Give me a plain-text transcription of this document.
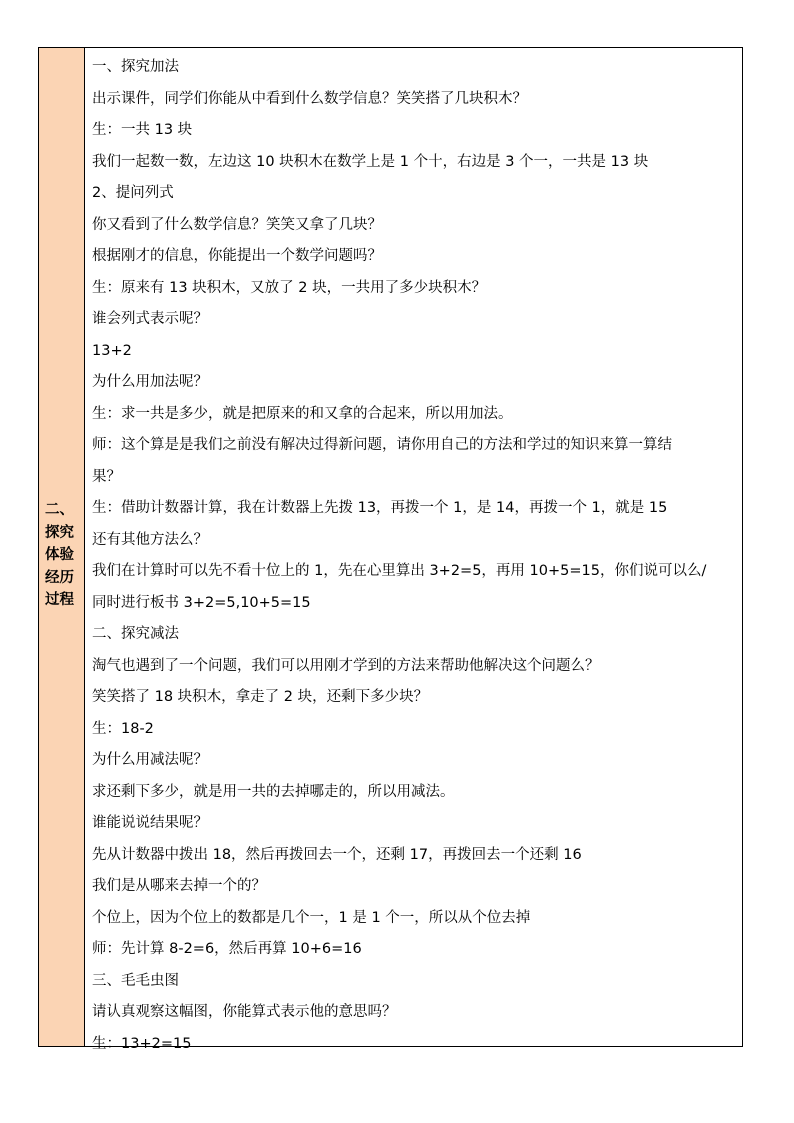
二、
探究
体验
经历
过程
一、探究加法
出示课件，同学们你能从中看到什么数学信息？笑笑搭了几块积木？
生：一共 13 块
我们一起数一数，左边这 10 块积木在数学上是 1 个十，右边是 3 个一，一共是 13 块
2、提问列式
你又看到了什么数学信息？笑笑又拿了几块？
根据刚才的信息，你能提出一个数学问题吗？
生：原来有 13 块积木，又放了 2 块，一共用了多少块积木？
谁会列式表示呢？
13+2
为什么用加法呢？
生：求一共是多少，就是把原来的和又拿的合起来，所以用加法。
师：这个算是是我们之前没有解决过得新问题，请你用自己的方法和学过的知识来算一算结
果？
生：借助计数器计算，我在计数器上先拨 13，再拨一个 1，是 14，再拨一个 1，就是 15
还有其他方法么？
我们在计算时可以先不看十位上的 1，先在心里算出 3+2=5，再用 10+5=15，你们说可以么/
同时进行板书 3+2=5,10+5=15
二、探究减法
淘气也遇到了一个问题，我们可以用刚才学到的方法来帮助他解决这个问题么？
笑笑搭了 18 块积木，拿走了 2 块，还剩下多少块？
生：18-2
为什么用减法呢？
求还剩下多少，就是用一共的去掉哪走的，所以用减法。
谁能说说结果呢？
先从计数器中拨出 18，然后再拨回去一个，还剩 17，再拨回去一个还剩 16
我们是从哪来去掉一个的？
个位上，因为个位上的数都是几个一，1 是 1 个一，所以从个位去掉
师：先计算 8-2=6，然后再算 10+6=16
三、毛毛虫图
请认真观察这幅图，你能算式表示他的意思吗？
生：13+2=15
